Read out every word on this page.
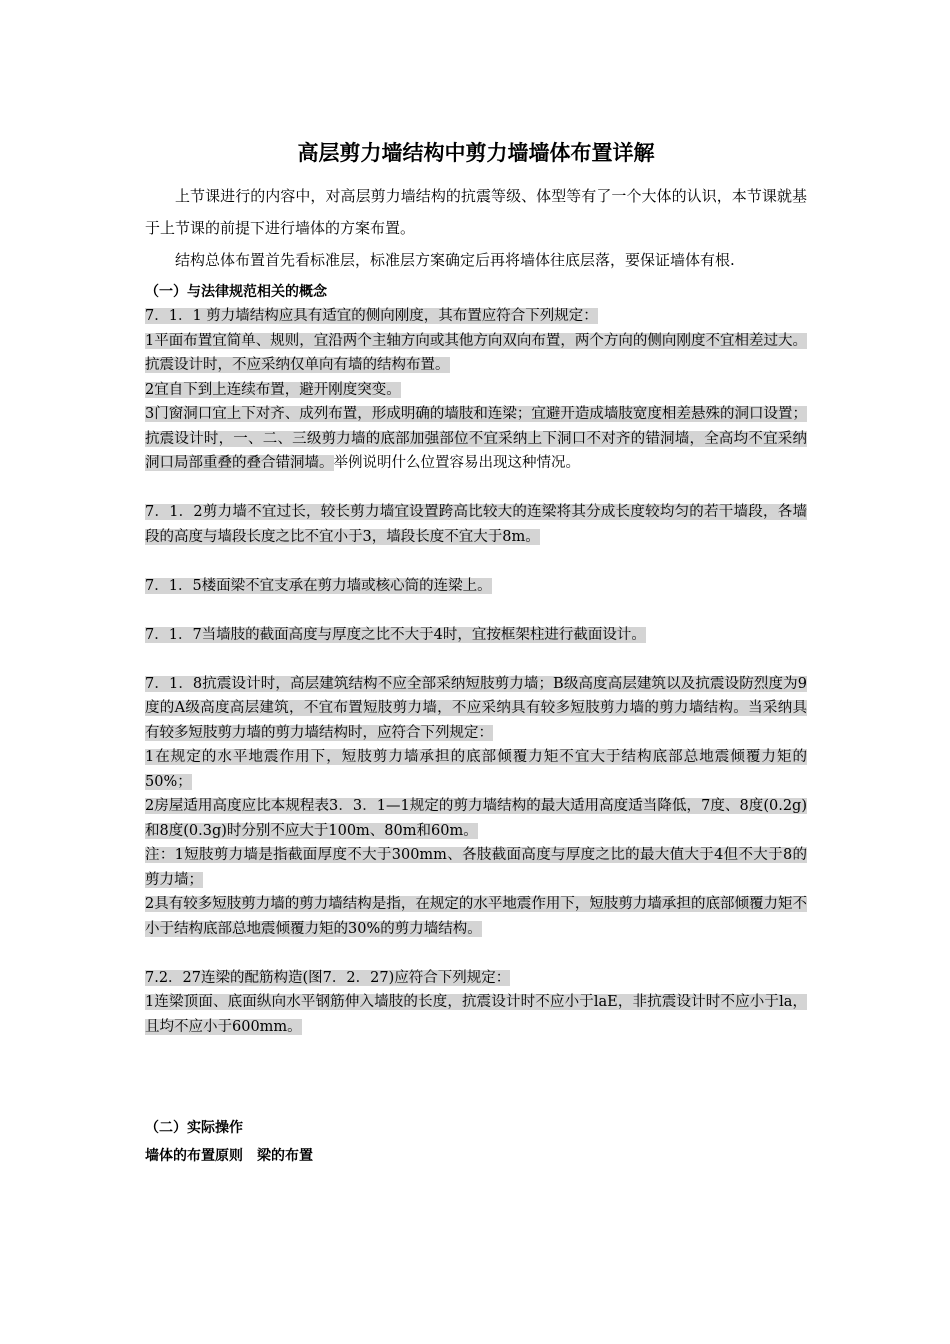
高层剪力墙结构中剪力墙墙体布置详解

上节课进行的内容中，对高层剪力墙结构的抗震等级、体型等有了一个大体的认识，本节课就基于上节课的前提下进行墙体的方案布置。

结构总体布置首先看标准层，标准层方案确定后再将墙体往底层落，要保证墙体有根.

（一）与法律规范相关的概念

7．1．1 剪力墙结构应具有适宜的侧向刚度，其布置应符合下列规定：

1平面布置宜简单、规则，宜沿两个主轴方向或其他方向双向布置，两个方向的侧向刚度不宜相差过大。抗震设计时，不应采纳仅单向有墙的结构布置。

2宜自下到上连续布置，避开刚度突变。

3门窗洞口宜上下对齐、成列布置，形成明确的墙肢和连梁；宜避开造成墙肢宽度相差悬殊的洞口设置；抗震设计时，一、二、三级剪力墙的底部加强部位不宜采纳上下洞口不对齐的错洞墙，全高均不宜采纳洞口局部重叠的叠合错洞墙。举例说明什么位置容易出现这种情况。

7．1．2剪力墙不宜过长，较长剪力墙宜设置跨高比较大的连梁将其分成长度较均匀的若干墙段，各墙段的高度与墙段长度之比不宜小于3，墙段长度不宜大于8m。

7．1．5楼面梁不宜支承在剪力墙或核心筒的连梁上。

7．1．7当墙肢的截面高度与厚度之比不大于4时，宜按框架柱进行截面设计。

7．1．8抗震设计时，高层建筑结构不应全部采纳短肢剪力墙；B级高度高层建筑以及抗震设防烈度为9度的A级高度高层建筑，不宜布置短肢剪力墙，不应采纳具有较多短肢剪力墙的剪力墙结构。当采纳具有较多短肢剪力墙的剪力墙结构时，应符合下列规定：

1在规定的水平地震作用下，短肢剪力墙承担的底部倾覆力矩不宜大于结构底部总地震倾覆力矩的50%；

2房屋适用高度应比本规程表3．3．1—1规定的剪力墙结构的最大适用高度适当降低，7度、8度(0.2g)和8度(0.3g)时分别不应大于100m、80m和60m。

注：1短肢剪力墙是指截面厚度不大于300mm、各肢截面高度与厚度之比的最大值大于4但不大于8的剪力墙；

2具有较多短肢剪力墙的剪力墙结构是指，在规定的水平地震作用下，短肢剪力墙承担的底部倾覆力矩不小于结构底部总地震倾覆力矩的30%的剪力墙结构。

7.2．27连梁的配筋构造(图7．2．27)应符合下列规定：

1连梁顶面、底面纵向水平钢筋伸入墙肢的长度，抗震设计时不应小于laE，非抗震设计时不应小于la，且均不应小于600mm。

（二）实际操作
墙体的布置原则　梁的布置
